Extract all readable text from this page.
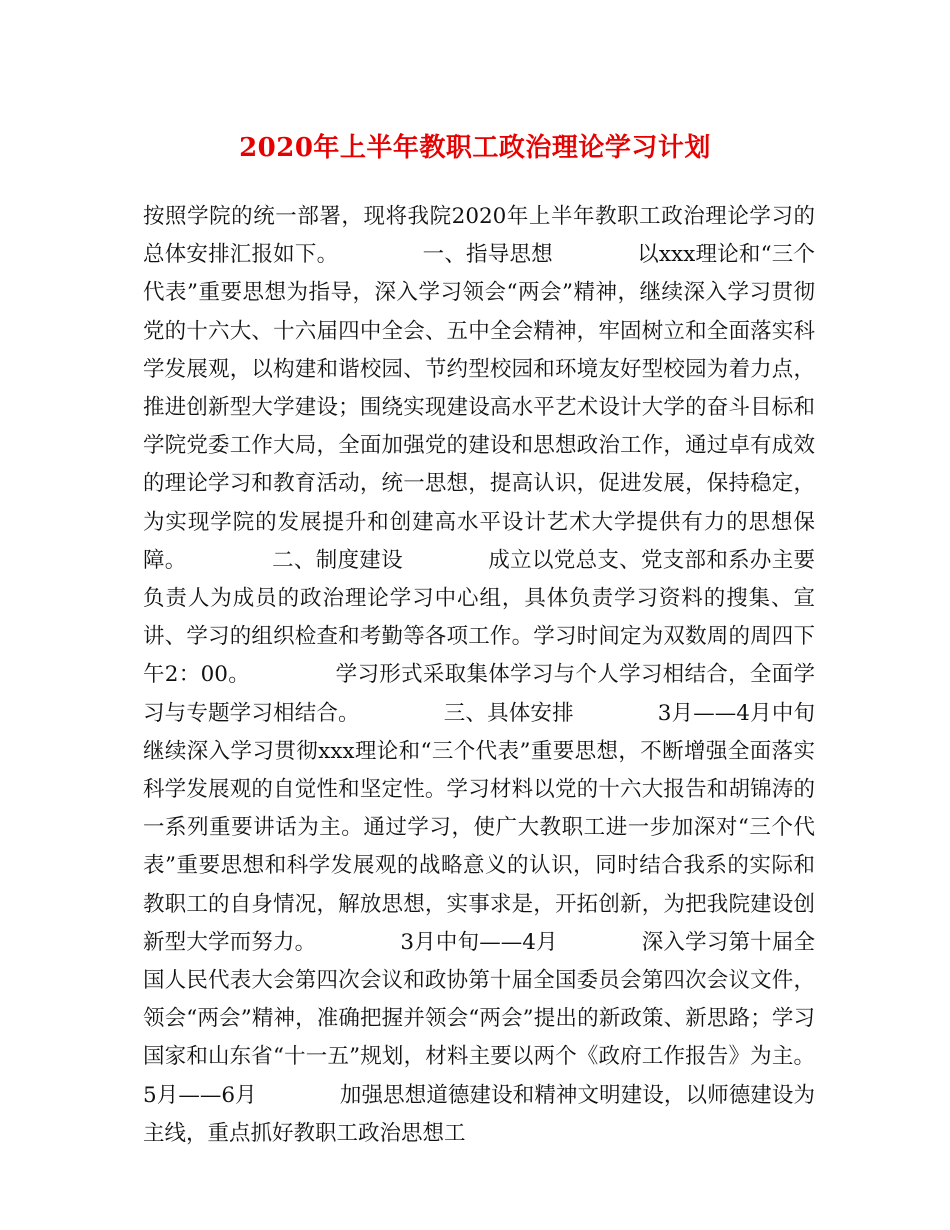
2020年上半年教职工政治理论学习计划

按照学院的统一部署，现将我院2020年上半年教职工政治理论学习的总体安排汇报如下。            一、指导思想            以xxx理论和“三个代表”重要思想为指导，深入学习领会“两会”精神，继续深入学习贯彻党的十六大、十六届四中全会、五中全会精神，牢固树立和全面落实科学发展观，以构建和谐校园、节约型校园和环境友好型校园为着力点，推进创新型大学建设；围绕实现建设高水平艺术设计大学的奋斗目标和学院党委工作大局，全面加强党的建设和思想政治工作，通过卓有成效的理论学习和教育活动，统一思想，提高认识，促进发展，保持稳定，为实现学院的发展提升和创建高水平设计艺术大学提供有力的思想保障。            二、制度建设            成立以党总支、党支部和系办主要负责人为成员的政治理论学习中心组，具体负责学习资料的搜集、宣讲、学习的组织检查和考勤等各项工作。学习时间定为双数周的周四下午2：00。            学习形式采取集体学习与个人学习相结合，全面学习与专题学习相结合。            三、具体安排            3月——4月中旬            继续深入学习贯彻xxx理论和“三个代表”重要思想，不断增强全面落实科学发展观的自觉性和坚定性。学习材料以党的十六大报告和胡锦涛的一系列重要讲话为主。通过学习，使广大教职工进一步加深对“三个代表”重要思想和科学发展观的战略意义的认识，同时结合我系的实际和教职工的自身情况，解放思想，实事求是，开拓创新，为把我院建设创新型大学而努力。            3月中旬——4月            深入学习第十届全国人民代表大会第四次会议和政协第十届全国委员会第四次会议文件，领会“两会”精神，准确把握并领会“两会”提出的新政策、新思路；学习国家和山东省“十一五”规划，材料主要以两个《政府工作报告》为主。            5月——6月            加强思想道德建设和精神文明建设，以师德建设为主线，重点抓好教职工政治思想工
